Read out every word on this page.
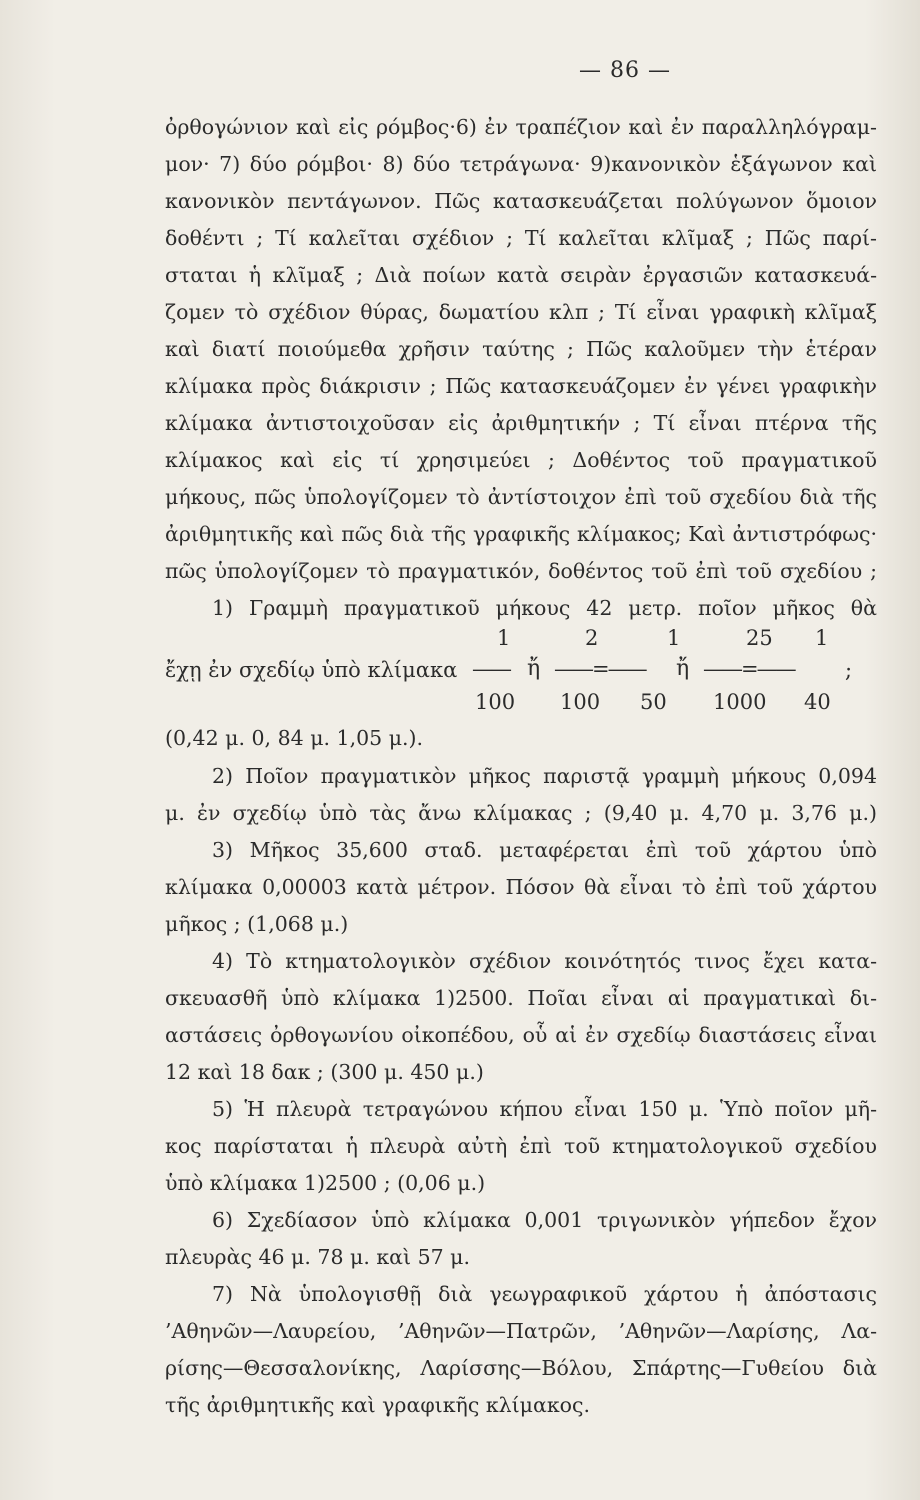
— 86 —
ὀρθογώνιον καὶ εἰς ρόμβος·6) ἐν τραπέζιον καὶ ἐν παραλληλόγραμ-
μον· 7) δύο ρόμβοι· 8) δύο τετράγωνα· 9)κανονικὸν ἑξάγωνον καὶ
κανονικὸν πεντάγωνον. Πῶς κατασκευάζεται πολύγωνον ὅμοιον
δοθέντι ; Τί καλεῖται σχέδιον ; Τί καλεῖται κλῖμαξ ; Πῶς παρί-
σταται ἡ κλῖμαξ ; Διὰ ποίων κατὰ σειρὰν ἐργασιῶν κατασκευά-
ζομεν τὸ σχέδιον θύρας, δωματίου κλπ ; Τί εἶναι γραφικὴ κλῖμαξ
καὶ διατί ποιούμεθα χρῆσιν ταύτης ; Πῶς καλοῦμεν τὴν ἑτέραν
κλίμακα πρὸς διάκρισιν ; Πῶς κατασκευάζομεν ἐν γένει γραφικὴν
κλίμακα ἀντιστοιχοῦσαν εἰς ἀριθμητικήν ; Τί εἶναι πτέρνα τῆς
κλίμακος καὶ εἰς τί χρησιμεύει ; Δοθέντος τοῦ πραγματικοῦ
μήκους, πῶς ὑπολογίζομεν τὸ ἀντίστοιχον ἐπὶ τοῦ σχεδίου διὰ τῆς
ἀριθμητικῆς καὶ πῶς διὰ τῆς γραφικῆς κλίμακος; Καὶ ἀντιστρόφως·
πῶς ὑπολογίζομεν τὸ πραγματικόν, δοθέντος τοῦ ἐπὶ τοῦ σχεδίου ;
1) Γραμμὴ πραγματικοῦ μήκους 42 μετρ. ποῖον μῆκος θὰ
1	2	1	25 1
ἔχῃ ἐν σχεδίῳ ὑπὸ κλίμακα —— ἤ ——=—— ἤ ——=—— ;
100 100 50 1000 40
(0,42 μ. 0, 84 μ. 1,05 μ.).
2) Ποῖον πραγματικὸν μῆκος παριστᾷ γραμμὴ μήκους 0,094
μ. ἐν σχεδίῳ ὑπὸ τὰς ἄνω κλίμακας ; (9,40 μ. 4,70 μ. 3,76 μ.)
3) Μῆκος 35,600 σταδ. μεταφέρεται ἐπὶ τοῦ χάρτου ὑπὸ
κλίμακα 0,00003 κατὰ μέτρον. Πόσον θὰ εἶναι τὸ ἐπὶ τοῦ χάρτου
μῆκος ; (1,068 μ.)
4) Τὸ κτηματολογικὸν σχέδιον κοινότητός τινος ἔχει κατα-
σκευασθῆ ὑπὸ κλίμακα 1)2500. Ποῖαι εἶναι αἱ πραγματικαὶ δι-
αστάσεις ὀρθογωνίου οἰκοπέδου, οὗ αἱ ἐν σχεδίῳ διαστάσεις εἶναι
12 καὶ 18 δακ ; (300 μ. 450 μ.)
5) Ἡ πλευρὰ τετραγώνου κήπου εἶναι 150 μ. Ὑπὸ ποῖον μῆ-
κος παρίσταται ἡ πλευρὰ αὐτὴ ἐπὶ τοῦ κτηματολογικοῦ σχεδίου
ὑπὸ κλίμακα 1)2500 ; (0,06 μ.)
6) Σχεδίασον ὑπὸ κλίμακα 0,001 τριγωνικὸν γήπεδον ἔχον
πλευρὰς 46 μ. 78 μ. καὶ 57 μ.
7) Νὰ ὑπολογισθῇ διὰ γεωγραφικοῦ χάρτου ἡ ἀπόστασις
’Αθηνῶν—Λαυρείου, ’Αθηνῶν—Πατρῶν, ’Αθηνῶν—Λαρίσης, Λα-
ρίσης—Θεσσαλονίκης, Λαρίσσης—Βόλου, Σπάρτης—Γυθείου διὰ
τῆς ἀριθμητικῆς καὶ γραφικῆς κλίμακος.
